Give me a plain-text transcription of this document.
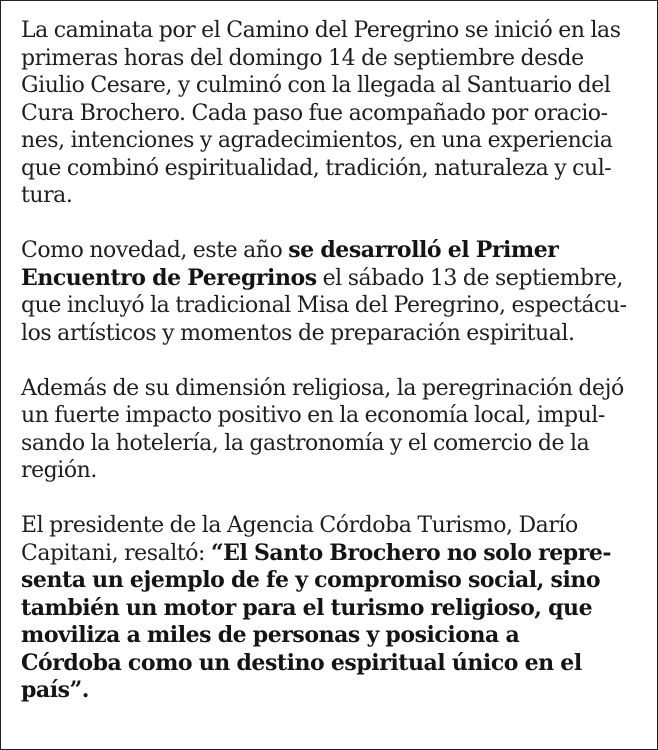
La caminata por el Camino del Peregrino se inició en las
primeras horas del domingo 14 de septiembre desde
Giulio Cesare, y culminó con la llegada al Santuario del
Cura Brochero. Cada paso fue acompañado por oracio-
nes, intenciones y agradecimientos, en una experiencia
que combinó espiritualidad, tradición, naturaleza y cul-
tura.
Como novedad, este año se desarrolló el Primer
Encuentro de Peregrinos el sábado 13 de septiembre,
que incluyó la tradicional Misa del Peregrino, espectácu-
los artísticos y momentos de preparación espiritual.
Además de su dimensión religiosa, la peregrinación dejó
un fuerte impacto positivo en la economía local, impul-
sando la hotelería, la gastronomía y el comercio de la
región.
El presidente de la Agencia Córdoba Turismo, Darío
Capitani, resaltó: “El Santo Brochero no solo repre-
senta un ejemplo de fe y compromiso social, sino
también un motor para el turismo religioso, que
moviliza a miles de personas y posiciona a
Córdoba como un destino espiritual único en el
país”.
